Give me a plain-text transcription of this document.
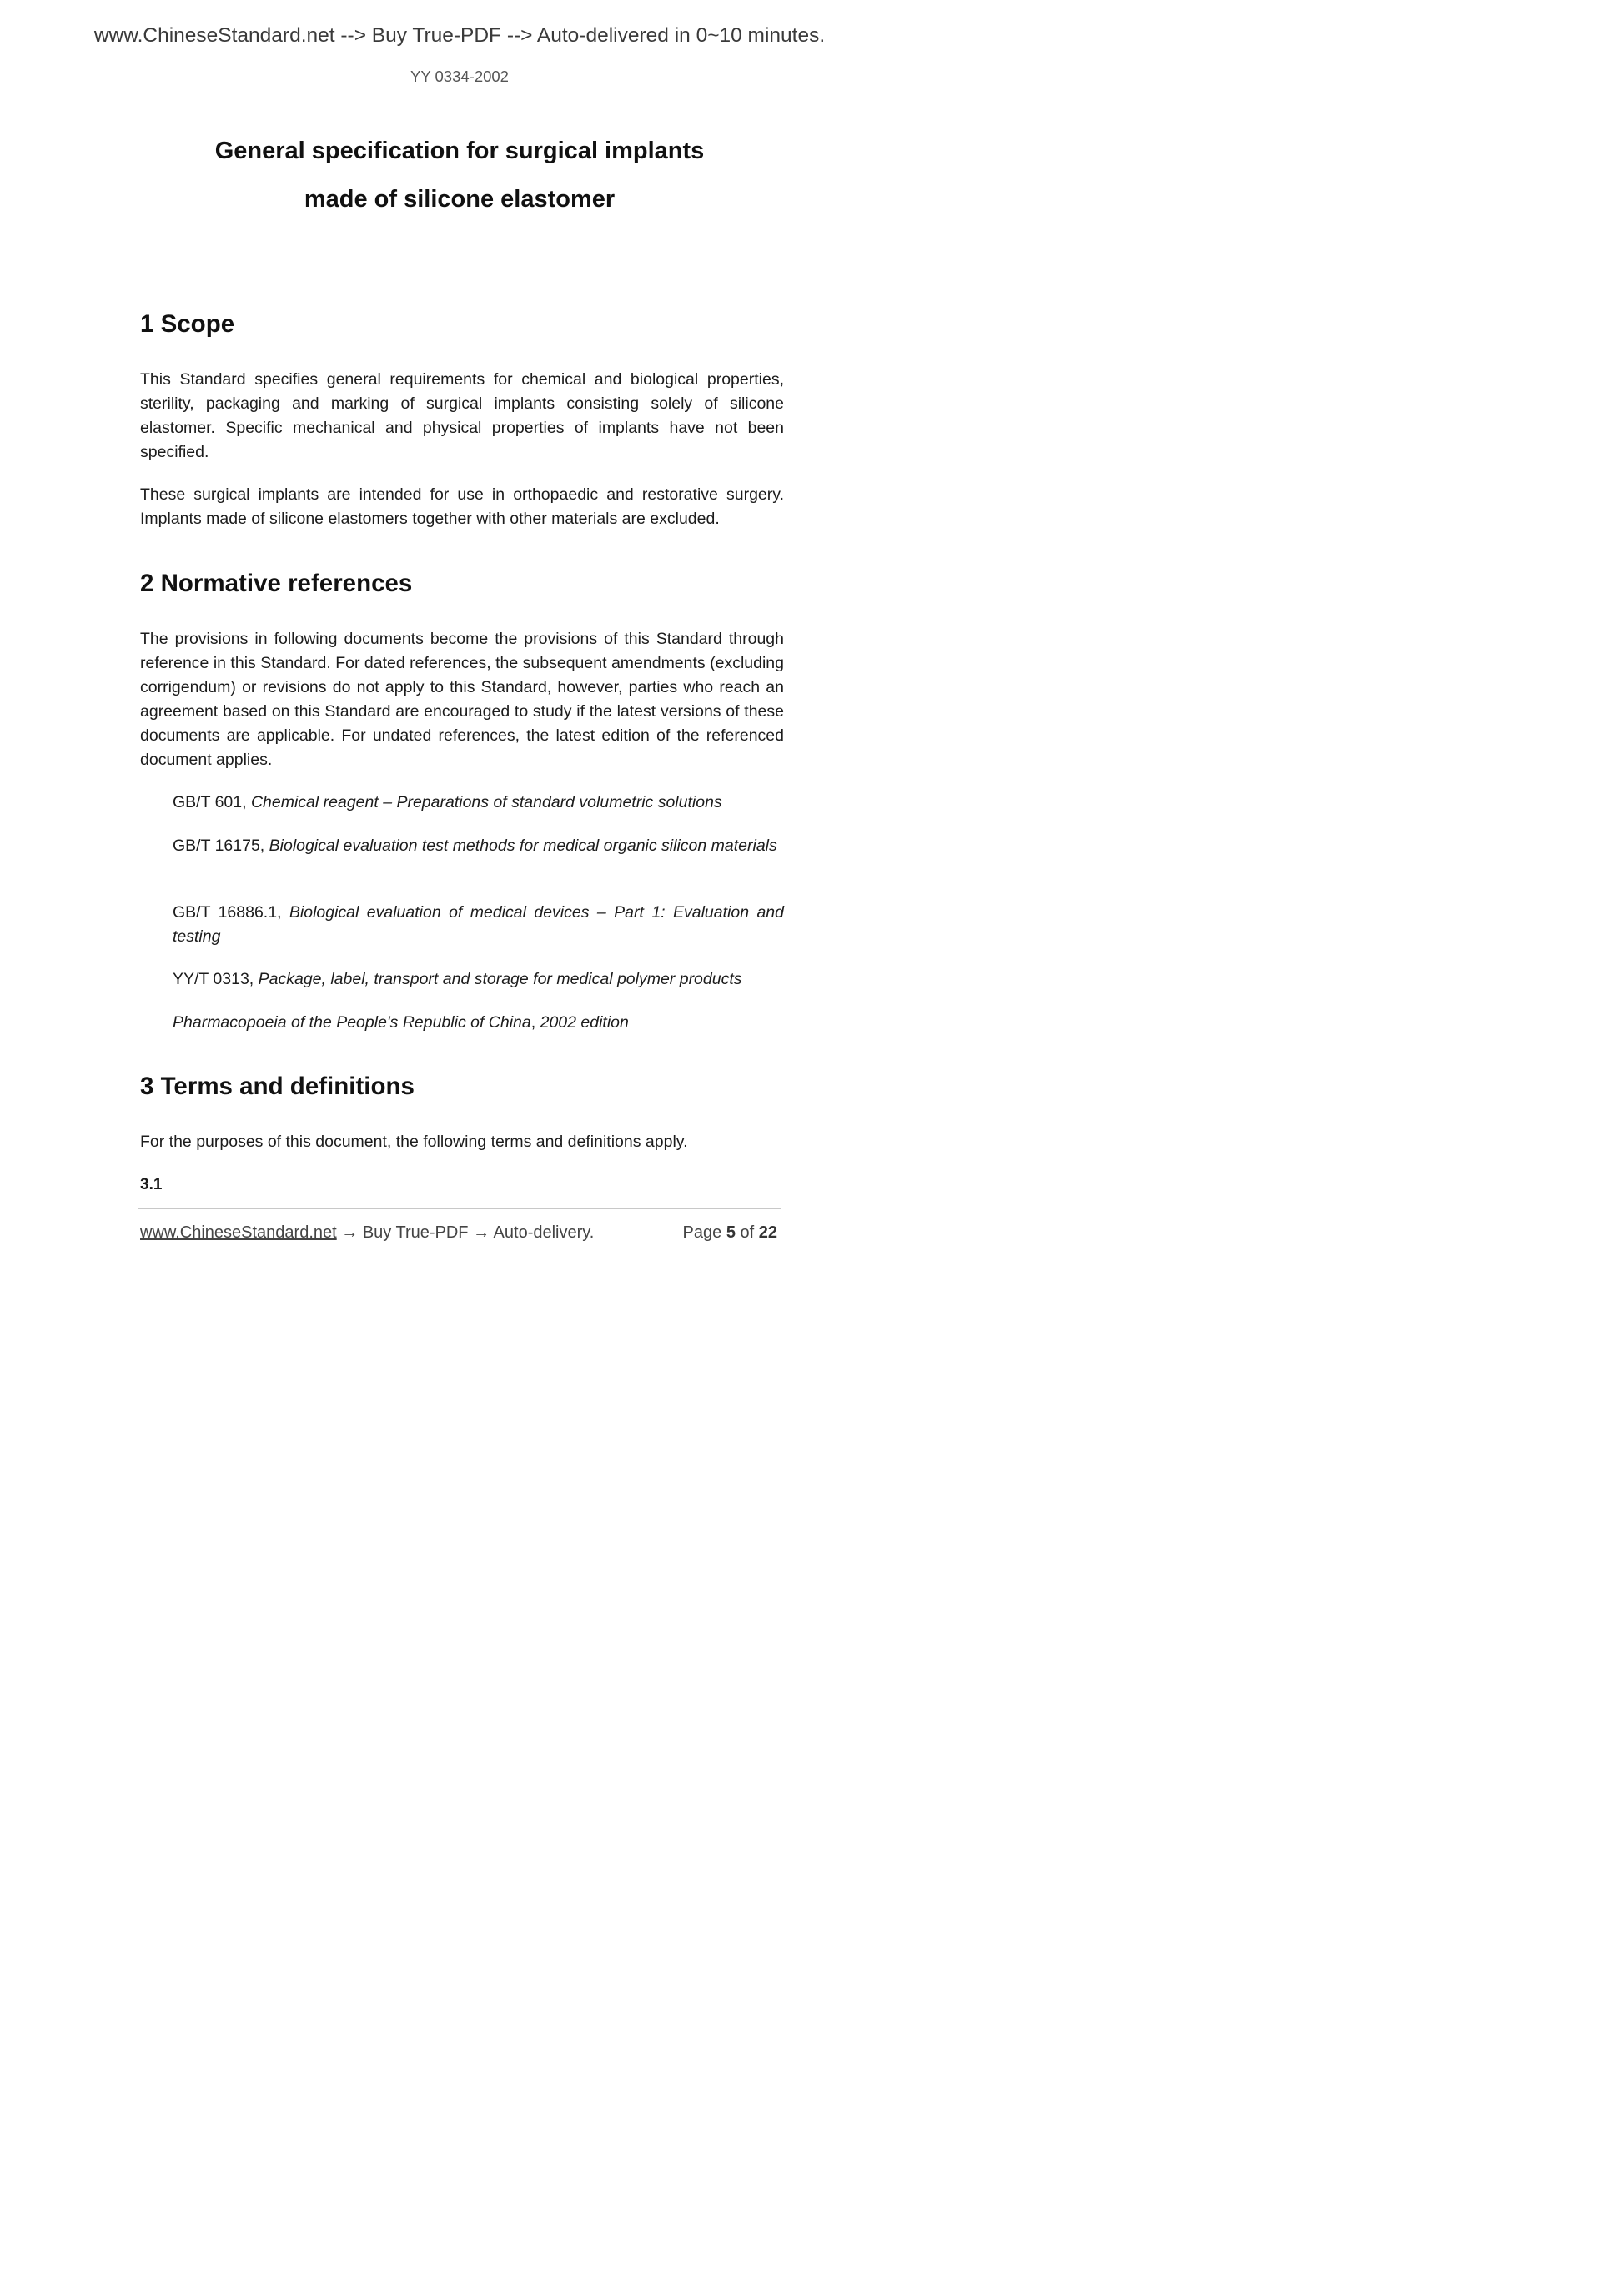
www.ChineseStandard.net --> Buy True-PDF --> Auto-delivered in 0~10 minutes.
YY 0334-2002
General specification for surgical implants
made of silicone elastomer
1 Scope
This Standard specifies general requirements for chemical and biological properties, sterility, packaging and marking of surgical implants consisting solely of silicone elastomer. Specific mechanical and physical properties of implants have not been specified.
These surgical implants are intended for use in orthopaedic and restorative surgery. Implants made of silicone elastomers together with other materials are excluded.
2 Normative references
The provisions in following documents become the provisions of this Standard through reference in this Standard. For dated references, the subsequent amendments (excluding corrigendum) or revisions do not apply to this Standard, however, parties who reach an agreement based on this Standard are encouraged to study if the latest versions of these documents are applicable. For undated references, the latest edition of the referenced document applies.
GB/T 601, Chemical reagent – Preparations of standard volumetric solutions
GB/T 16175, Biological evaluation test methods for medical organic silicon materials
GB/T 16886.1, Biological evaluation of medical devices – Part 1: Evaluation and testing
YY/T 0313, Package, label, transport and storage for medical polymer products
Pharmacopoeia of the People's Republic of China, 2002 edition
3 Terms and definitions
For the purposes of this document, the following terms and definitions apply.
3.1
www.ChineseStandard.net → Buy True-PDF → Auto-delivery.	Page 5 of 22
